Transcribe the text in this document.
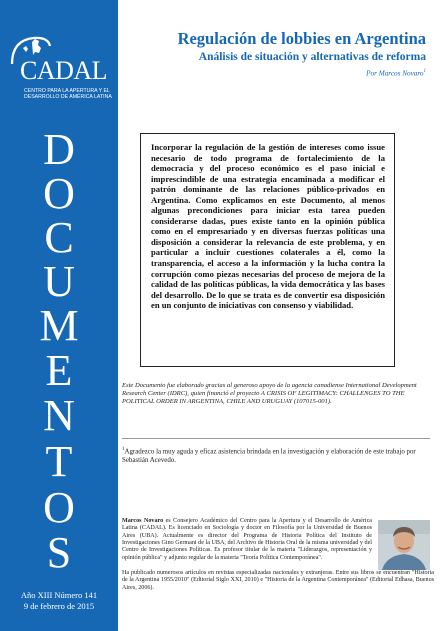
CADAL
CENTRO PARA LA APERTURA Y EL DESARROLLO DE AMÉRICA LATINA
D
O
C
U
M
E
N
T
O
S
Año XIII Número 141
9 de febrero de 2015
Regulación de lobbies en Argentina
Análisis de situación y alternativas de reforma
Por Marcos Novaro$^1$
Incorporar la regulación de la gestión de intereses como issue necesario de todo programa de fortalecimiento de la democracia y del proceso económico es el paso inicial e imprescindible de una estrategia encaminada a modificar el patrón dominante de las relaciones público-privados en Argentina. Como explicamos en este Documento, al menos algunas precondiciones para iniciar esta tarea pueden considerarse dadas, pues existe tanto en la opinión pública como en el empresariado y en diversas fuerzas políticas una disposición a considerar la relevancia de este problema, y en particular a incluir cuestiones colaterales a él, como la transparencia, el acceso a la información y la lucha contra la corrupción como piezas necesarias del proceso de mejora de la calidad de las políticas públicas, la vida democrática y las bases del desarrollo. De lo que se trata es de convertir esa disposición en un conjunto de iniciativas con consenso y viabilidad.
Este Documento fue elaborado gracias al generoso apoyo de la agencia canadiense International Development Research Center (IDRC), quien financió el proyecto A CRISIS OF LEGITIMACY: CHALLENGES TO THE POLITICAL ORDER IN ARGENTINA, CHILE AND URUGUAY (107015-001).
$^1$Agradezco la muy aguda y eficaz asistencia brindada en la investigación y elaboración de este trabajo por Sebastián Acevedo.
Marcos Novaro es Consejero Académico del Centro para la Apertura y el Desarrollo de América Latina (CADAL). Es licenciado en Sociología y doctor en Filosofía por la Universidad de Buenos Aires (UBA). Actualmente es director del Programa de Historia Política del Instituto de Investigaciones Gino Germani de la UBA, del Archivo de Historia Oral de la misma universidad y del Centro de Investigaciones Políticas. Es profesor titular de la materia "Liderazgos, representación y opinión pública" y adjunto regular de la materia "Teoría Política Contemporánea".
Ha publicado numerosos artículos en revistas especializadas nacionales y extranjeras. Entre sus libros se encuentran "Historia de la Argentina 1955/2010" (Editorial Siglo XXI, 2010) e "Historia de la Argentina Contemporánea" (Editorial Edhasa, Buenos Aires, 2006).
